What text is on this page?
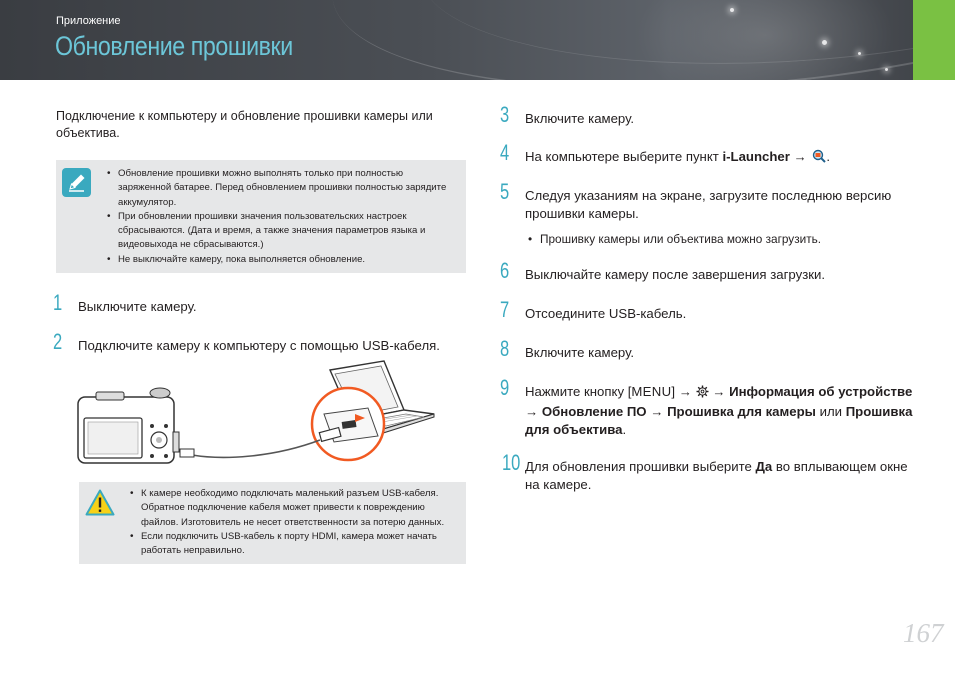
Приложение
Обновление прошивки
Подключение к компьютеру и обновление прошивки камеры или объектива.
• Обновление прошивки можно выполнять только при полностью заряженной батарее. Перед обновлением прошивки полностью зарядите аккумулятор.
• При обновлении прошивки значения пользовательских настроек сбрасываются. (Дата и время, а также значения параметров языка и видеовыхода не сбрасываются.)
• Не выключайте камеру, пока выполняется обновление.
1 Выключите камеру.
2 Подключите камеру к компьютеру с помощью USB-кабеля.
• К камере необходимо подключать маленький разъем USB-кабеля. Обратное подключение кабеля может привести к повреждению файлов. Изготовитель не несет ответственности за потерю данных.
• Если подключить USB-кабель к порту HDMI, камера может начать работать неправильно.
3 Включите камеру.
4 На компьютере выберите пункт i-Launcher → .
5 Следуя указаниям на экране, загрузите последнюю версию прошивки камеры.
• Прошивку камеры или объектива можно загрузить.
6 Выключайте камеру после завершения загрузки.
7 Отсоедините USB-кабель.
8 Включите камеру.
9 Нажмите кнопку [MENU] →  → Информация об устройстве → Обновление ПО → Прошивка для камеры или Прошивка для объектива.
10 Для обновления прошивки выберите Да во вплывающем окне на камере.
167
